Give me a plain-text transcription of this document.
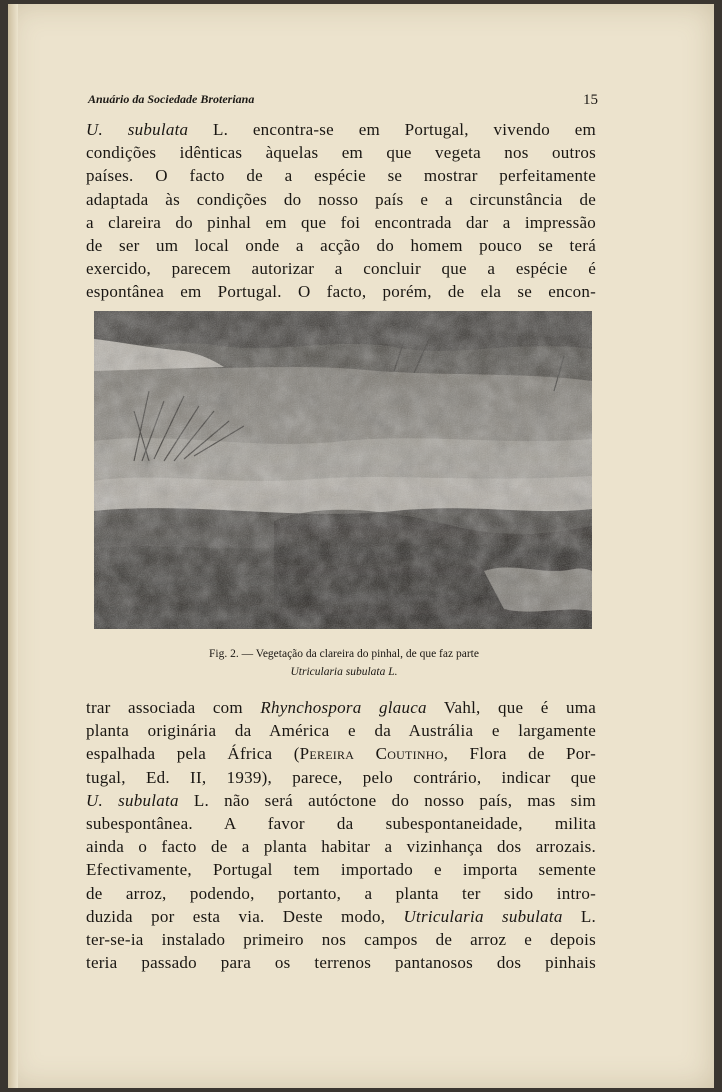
Anuário da Sociedade Broteriana	15
U. subulata L. encontra-se em Portugal, vivendo em
condições idênticas àquelas em que vegeta nos outros
países. O facto de a espécie se mostrar perfeitamente
adaptada às condições do nosso país e a circunstância de
a clareira do pinhal em que foi encontrada dar a impressão
de ser um local onde a acção do homem pouco se terá
exercido, parecem autorizar a concluir que a espécie é
espontânea em Portugal. O facto, porém, de ela se encon-
Fig. 2. — Vegetação da clareira do pinhal, de que faz parte
Utricularia subulata L.
trar associada com Rhynchospora glauca Vahl, que é uma
planta originária da América e da Austrália e largamente
espalhada pela África (Pereira Coutinho, Flora de Por-
tugal, Ed. II, 1939), parece, pelo contrário, indicar que
U. subulata L. não será autóctone do nosso país, mas sim
subespontânea. A favor da subespontaneidade, milita
ainda o facto de a planta habitar a vizinhança dos arrozais.
Efectivamente, Portugal tem importado e importa semente
de arroz, podendo, portanto, a planta ter sido intro-
duzida por esta via. Deste modo, Utricularia subulata L.
ter-se-ia instalado primeiro nos campos de arroz e depois
teria passado para os terrenos pantanosos dos pinhais
